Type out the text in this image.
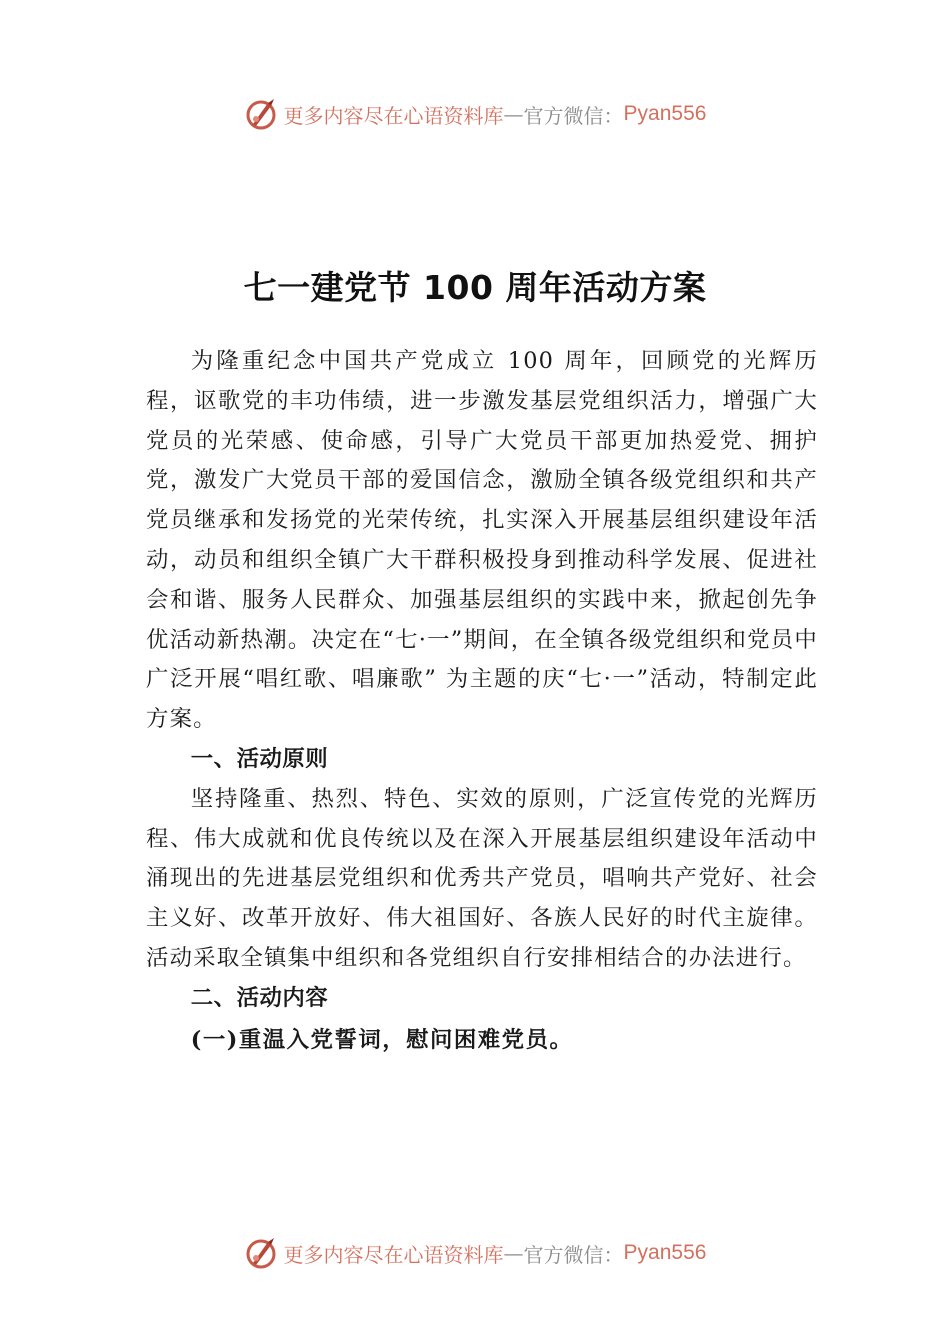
更多内容尽在心语资料库 — 官方微信： Pyan556
七一建党节 100 周年活动方案

为隆重纪念中国共产党成立 100 周年，回顾党的光辉历程，讴歌党的丰功伟绩，进一步激发基层党组织活力，增强广大党员的光荣感、使命感，引导广大党员干部更加热爱党、拥护党，激发广大党员干部的爱国信念，激励全镇各级党组织和共产党员继承和发扬党的光荣传统，扎实深入开展基层组织建设年活动，动员和组织全镇广大干群积极投身到推动科学发展、促进社会和谐、服务人民群众、加强基层组织的实践中来，掀起创先争优活动新热潮。决定在“七·一”期间，在全镇各级党组织和党员中广泛开展“唱红歌、唱廉歌” 为主题的庆“七·一”活动，特制定此方案。

一、活动原则

坚持隆重、热烈、特色、实效的原则，广泛宣传党的光辉历程、伟大成就和优良传统以及在深入开展基层组织建设年活动中涌现出的先进基层党组织和优秀共产党员，唱响共产党好、社会主义好、改革开放好、伟大祖国好、各族人民好的时代主旋律。活动采取全镇集中组织和各党组织自行安排相结合的办法进行。

二、活动内容

(一)重温入党誓词，慰问困难党员。

更多内容尽在心语资料库 — 官方微信： Pyan556
